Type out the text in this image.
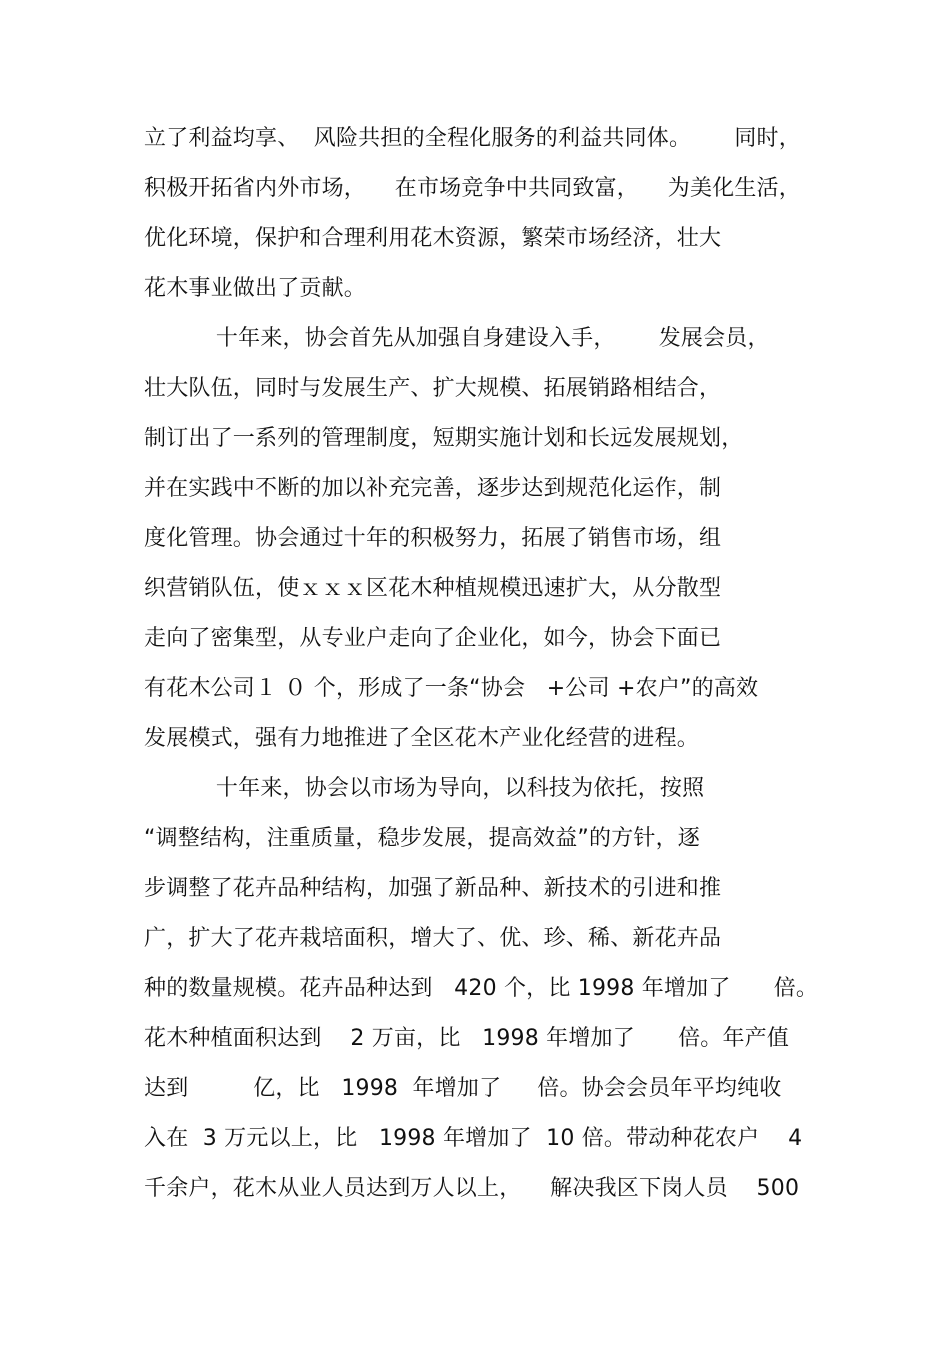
立了利益均享、  风险共担的全程化服务的利益共同体。      同时，
积极开拓省内外市场，    在市场竞争中共同致富，    为美化生活，
优化环境，保护和合理利用花木资源，繁荣市场经济，壮大
花木事业做出了贡献。
十年来，协会首先从加强自身建设入手，      发展会员，
壮大队伍，同时与发展生产、扩大规模、拓展销路相结合，
制订出了一系列的管理制度，短期实施计划和长远发展规划，
并在实践中不断的加以补充完善，逐步达到规范化运作，制
度化管理。协会通过十年的积极努力，拓展了销售市场，组
织营销队伍，使ｘｘｘ区花木种植规模迅速扩大，从分散型
走向了密集型，从专业户走向了企业化，如今，协会下面已
有花木公司１ ０ 个，形成了一条“协会   +公司 +农户”的高效
发展模式，强有力地推进了全区花木产业化经营的进程。
十年来，协会以市场为导向，以科技为依托，按照
“调整结构，注重质量，稳步发展，提高效益”的方针，逐
步调整了花卉品种结构，加强了新品种、新技术的引进和推
广，扩大了花卉栽培面积，增大了、优、珍、稀、新花卉品
种的数量规模。花卉品种达到   420 个，比 1998 年增加了      倍。
花木种植面积达到    2 万亩，比   1998 年增加了      倍。年产值
达到         亿，比   1998  年增加了     倍。协会会员年平均纯收
入在  3 万元以上，比   1998 年增加了  10 倍。带动种花农户    4
千余户，花木从业人员达到万人以上，    解决我区下岗人员    500
